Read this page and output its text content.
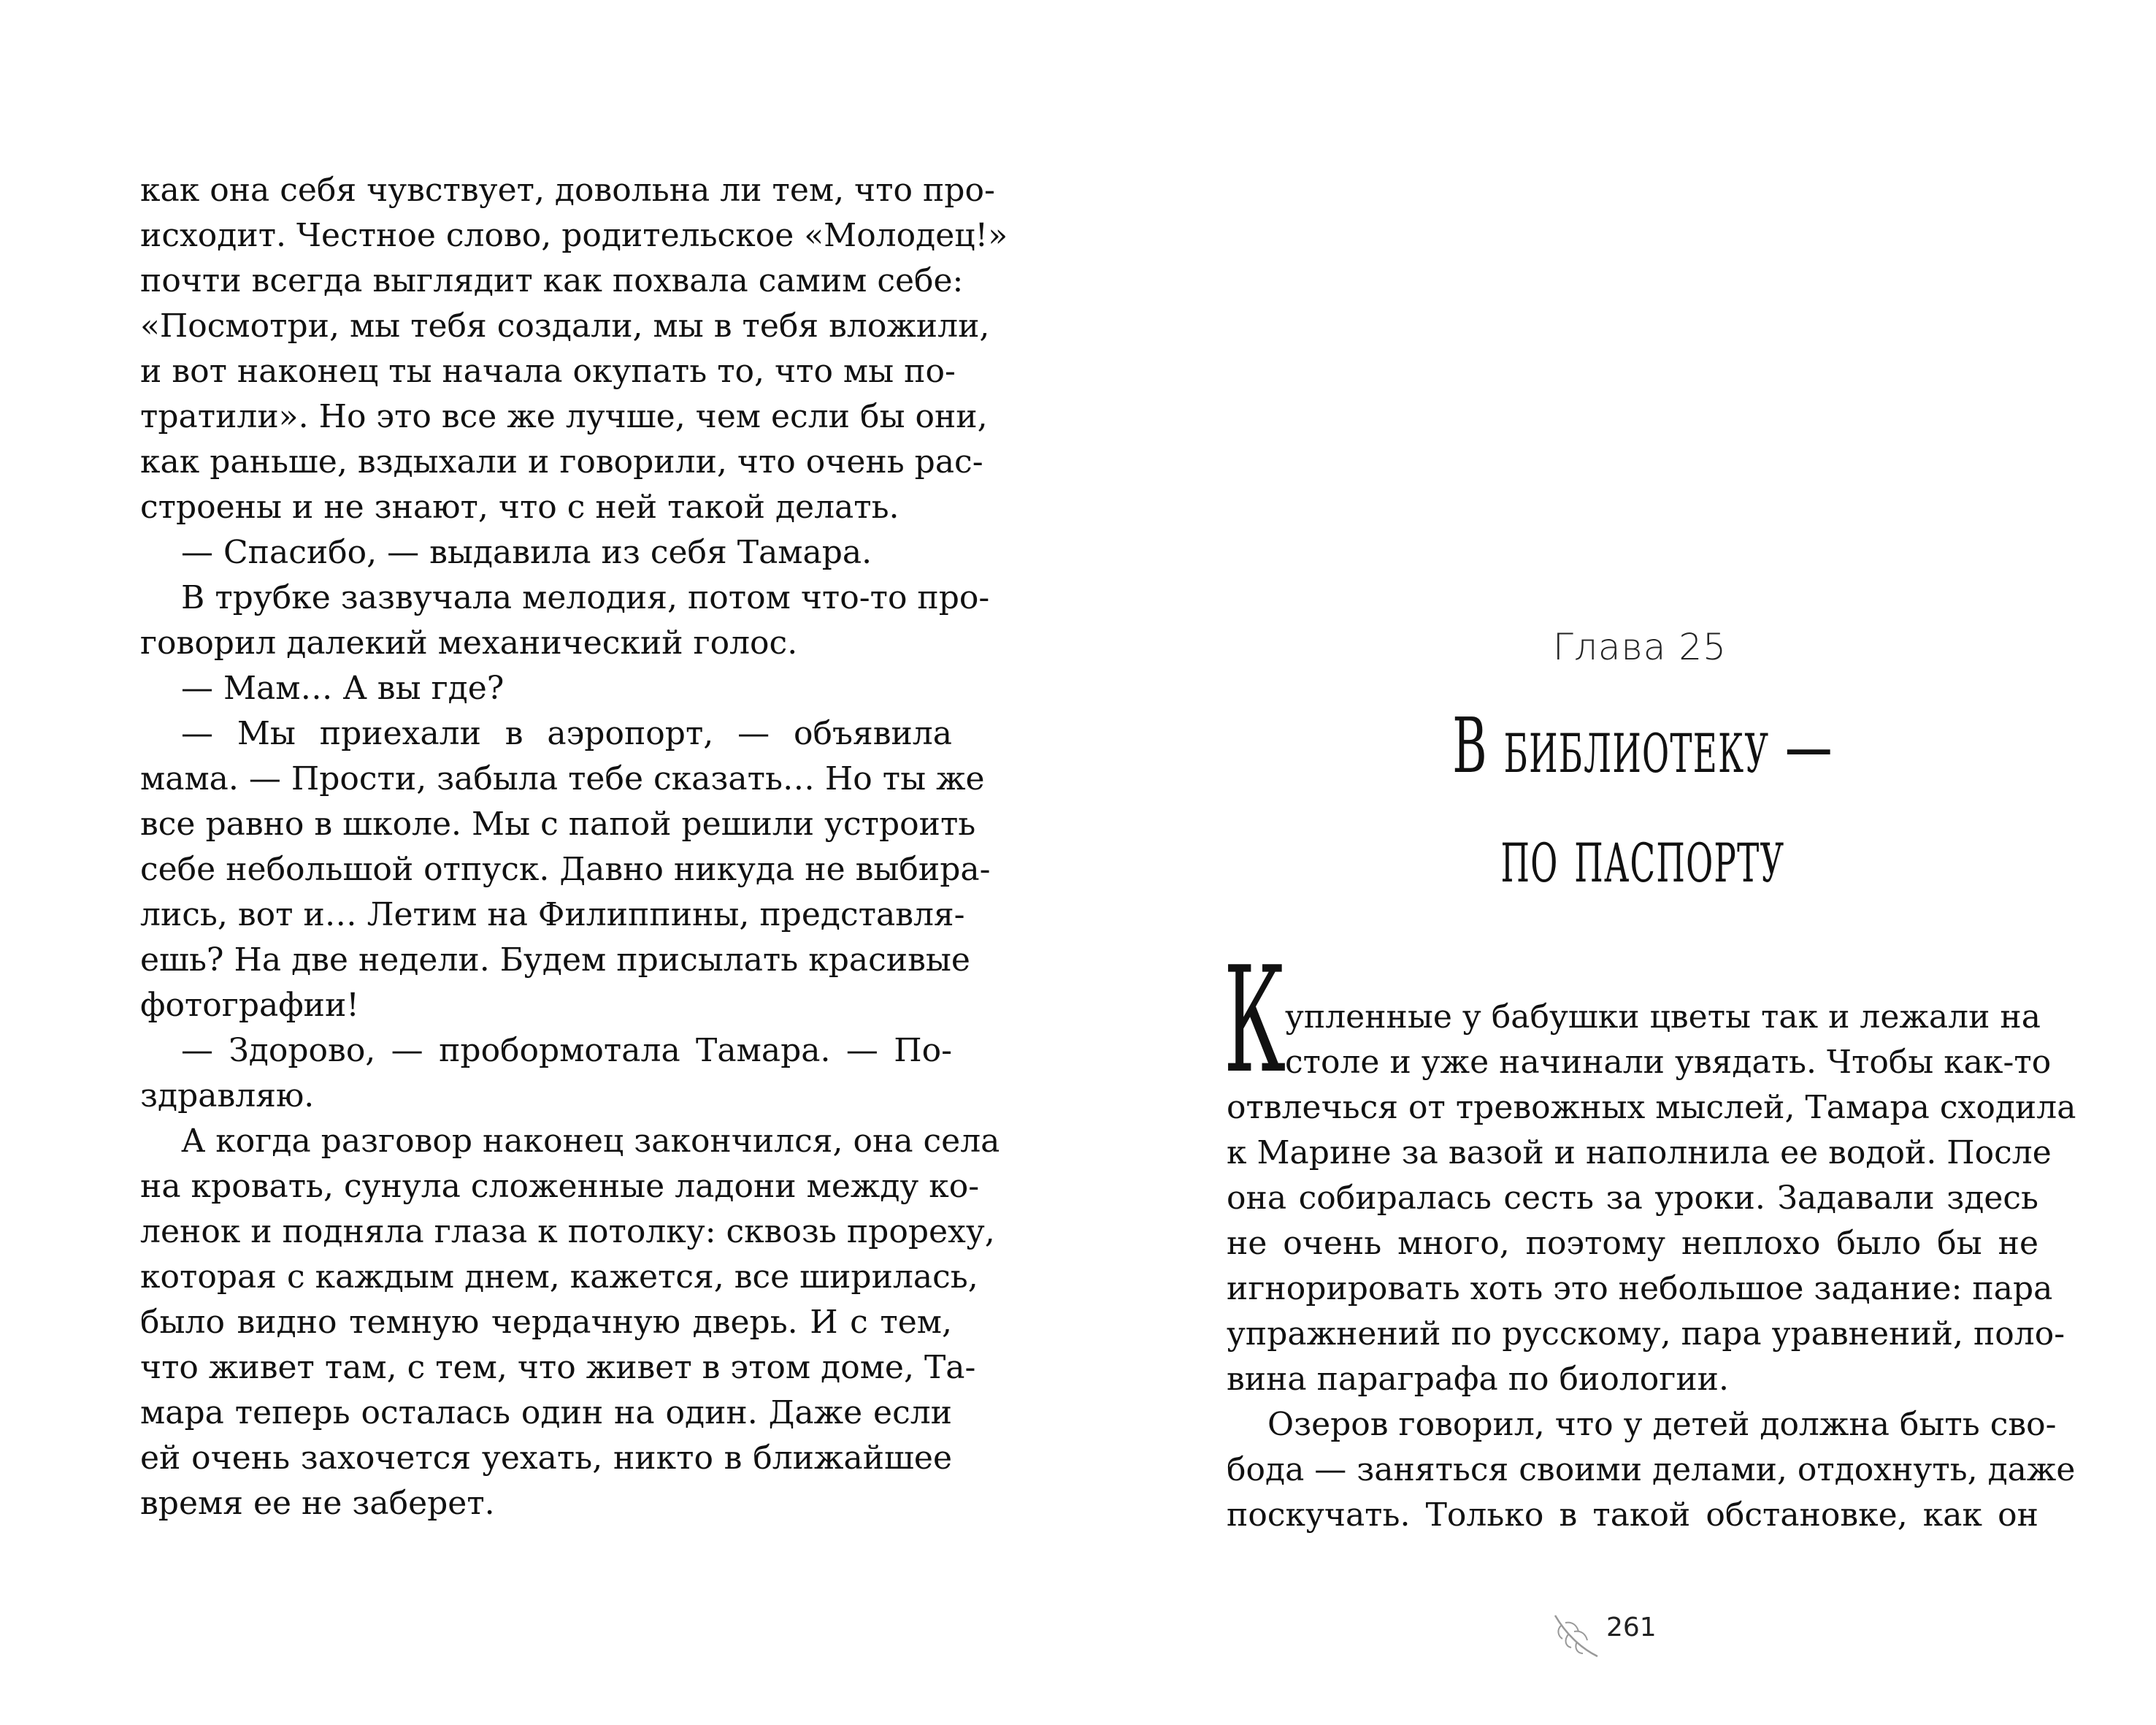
как она себя чувствует, довольна ли тем, что про-
исходит. Честное слово, родительское «Молодец!»
почти всегда выглядит как похвала самим себе:
«Посмотри, мы тебя создали, мы в тебя вложили,
и вот наконец ты начала окупать то, что мы по-
тратили». Но это все же лучше, чем если бы они,
как раньше, вздыхали и говорили, что очень рас-
строены и не знают, что с ней такой делать.
— Спасибо, — выдавила из себя Тамара.
В трубке зазвучала мелодия, потом что-то про-
говорил далекий механический голос.
— Мам… А вы где?
— Мы приехали в аэропорт, — объявила
мама. — Прости, забыла тебе сказать… Но ты же
все равно в школе. Мы с папой решили устроить
себе небольшой отпуск. Давно никуда не выбира-
лись, вот и… Летим на Филиппины, представля-
ешь? На две недели. Будем присылать красивые
фотографии!
— Здорово, — пробормотала Тамара. — По-
здравляю.
А когда разговор наконец закончился, она села
на кровать, сунула сложенные ладони между ко-
ленок и подняла глаза к потолку: сквозь прореху,
которая с каждым днем, кажется, все ширилась,
было видно темную чердачную дверь. И с тем,
что живет там, с тем, что живет в этом доме, Та-
мара теперь осталась один на один. Даже если
ей очень захочется уехать, никто в ближайшее
время ее не заберет.
Глава 25
В библиотеку —
по паспорту
К
упленные у бабушки цветы так и лежали на
столе и уже начинали увядать. Чтобы как-то
отвлечься от тревожных мыслей, Тамара сходила
к Марине за вазой и наполнила ее водой. После
она собиралась сесть за уроки. Задавали здесь
не очень много, поэтому неплохо было бы не
игнорировать хоть это небольшое задание: пара
упражнений по русскому, пара уравнений, поло-
вина параграфа по биологии.
Озеров говорил, что у детей должна быть сво-
бода — заняться своими делами, отдохнуть, даже
поскучать. Только в такой обстановке, как он
261
